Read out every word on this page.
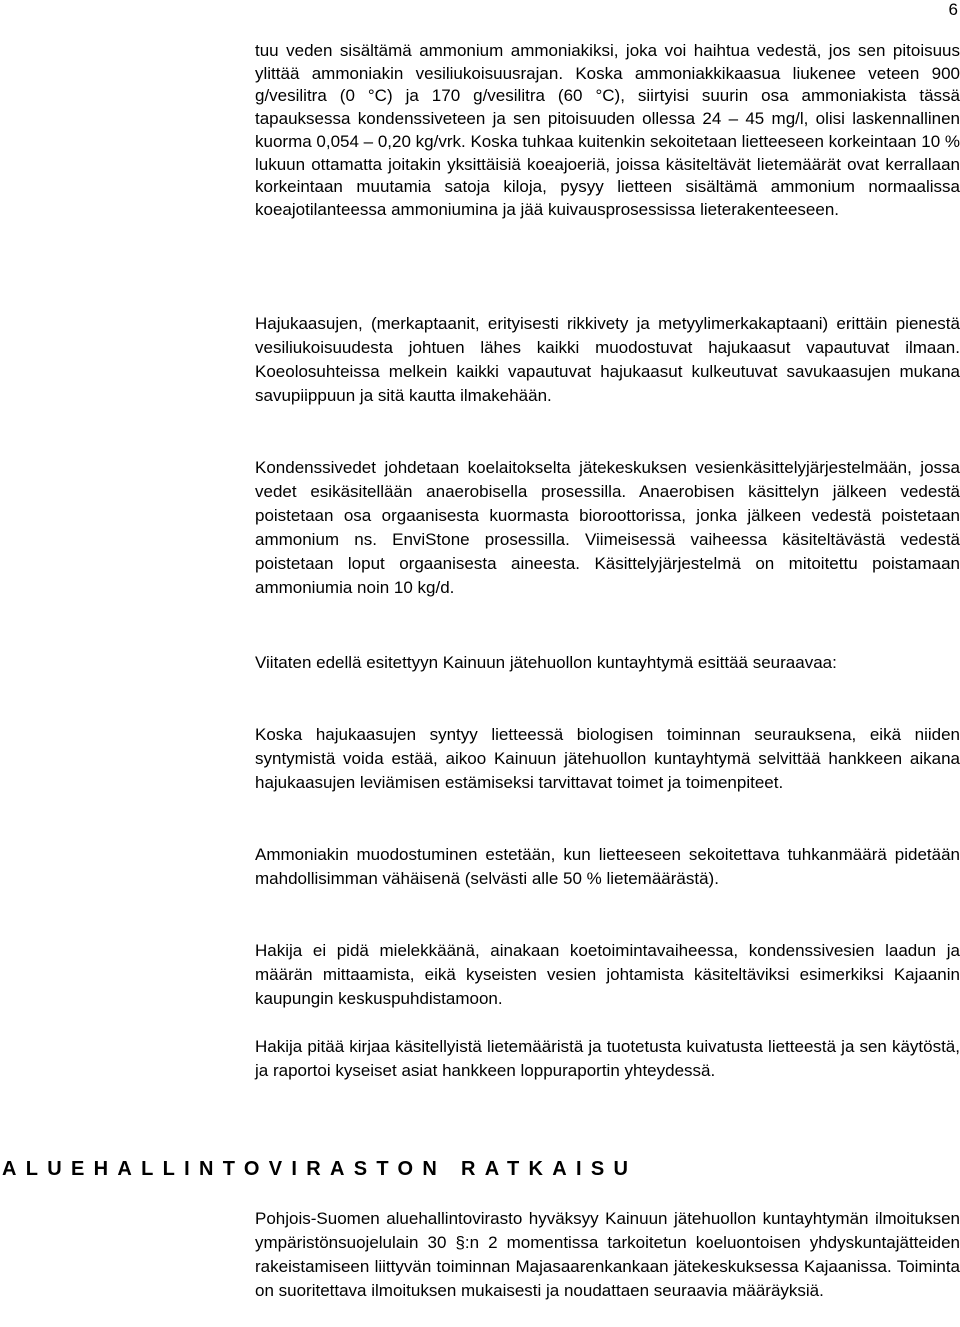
6

tuu veden sisältämä ammonium ammoniakiksi, joka voi haihtua vedestä, jos sen pitoisuus ylittää ammoniakin vesiliukoisuusrajan. Koska ammoniakkikaasua liukenee veteen 900 g/vesilitra (0 °C) ja 170 g/vesilitra (60 °C), siirtyisi suurin osa ammoniakista tässä tapauksessa kondenssiveteen ja sen pitoisuuden ollessa 24 – 45 mg/l, olisi laskennallinen kuorma 0,054 – 0,20 kg/vrk. Koska tuhkaa kuitenkin sekoitetaan lietteeseen korkeintaan 10 % lukuun ottamatta joitakin yksittäisiä koeajoeriä, joissa käsiteltävät lietemäärät ovat kerrallaan korkeintaan muutamia satoja kiloja, pysyy lietteen sisältämä ammonium normaalissa koeajotilanteessa ammoniumina ja jää kuivausprosessissa lieterakenteeseen.

Hajukaasujen, (merkaptaanit, erityisesti rikkivety ja metyylimerkakaptaani) erittäin pienestä vesiliukoisuudesta johtuen lähes kaikki muodostuvat hajukaasut vapautuvat ilmaan. Koeolosuhteissa melkein kaikki vapautuvat hajukaasut kulkeutuvat savukaasujen mukana savupiippuun ja sitä kautta ilmakehään.

Kondenssivedet johdetaan koelaitokselta jätekeskuksen vesienkäsittelyjärjestelmään, jossa vedet esikäsitellään anaerobisella prosessilla. Anaerobisen käsittelyn jälkeen vedestä poistetaan osa orgaanisesta kuormasta bioroottorissa, jonka jälkeen vedestä poistetaan ammonium ns. EnviStone prosessilla. Viimeisessä vaiheessa käsiteltävästä vedestä poistetaan loput orgaanisesta aineesta. Käsittelyjärjestelmä on mitoitettu poistamaan ammoniumia noin 10 kg/d.

Viitaten edellä esitettyyn Kainuun jätehuollon kuntayhtymä esittää seuraavaa:

Koska hajukaasujen syntyy lietteessä biologisen toiminnan seurauksena, eikä niiden syntymistä voida estää, aikoo Kainuun jätehuollon kuntayhtymä selvittää hankkeen aikana hajukaasujen leviämisen estämiseksi tarvittavat toimet ja toimenpiteet.

Ammoniakin muodostuminen estetään, kun lietteeseen sekoitettava tuhkanmäärä pidetään mahdollisimman vähäisenä (selvästi alle 50 % lietemäärästä).

Hakija ei pidä mielekkäänä, ainakaan koetoimintavaiheessa, kondenssivesien laadun ja määrän mittaamista, eikä kyseisten vesien johtamista käsiteltäviksi esimerkiksi Kajaanin kaupungin keskuspuhdistamoon.

Hakija pitää kirjaa käsitellyistä lietemääristä ja tuotetusta kuivatusta lietteestä ja sen käytöstä, ja raportoi kyseiset asiat hankkeen loppuraportin yhteydessä.

ALUEHALLINTOVIRASTON RATKAISU

Pohjois-Suomen aluehallintovirasto hyväksyy Kainuun jätehuollon kuntayhtymän ilmoituksen ympäristönsuojelulain 30 §:n 2 momentissa tarkoitetun koeluontoisen yhdyskuntajätteiden rakeistamiseen liittyvän toiminnan Majasaarenkankaan jätekeskuksessa Kajaanissa. Toiminta on suoritettava ilmoituksen mukaisesti ja noudattaen seuraavia määräyksiä.
